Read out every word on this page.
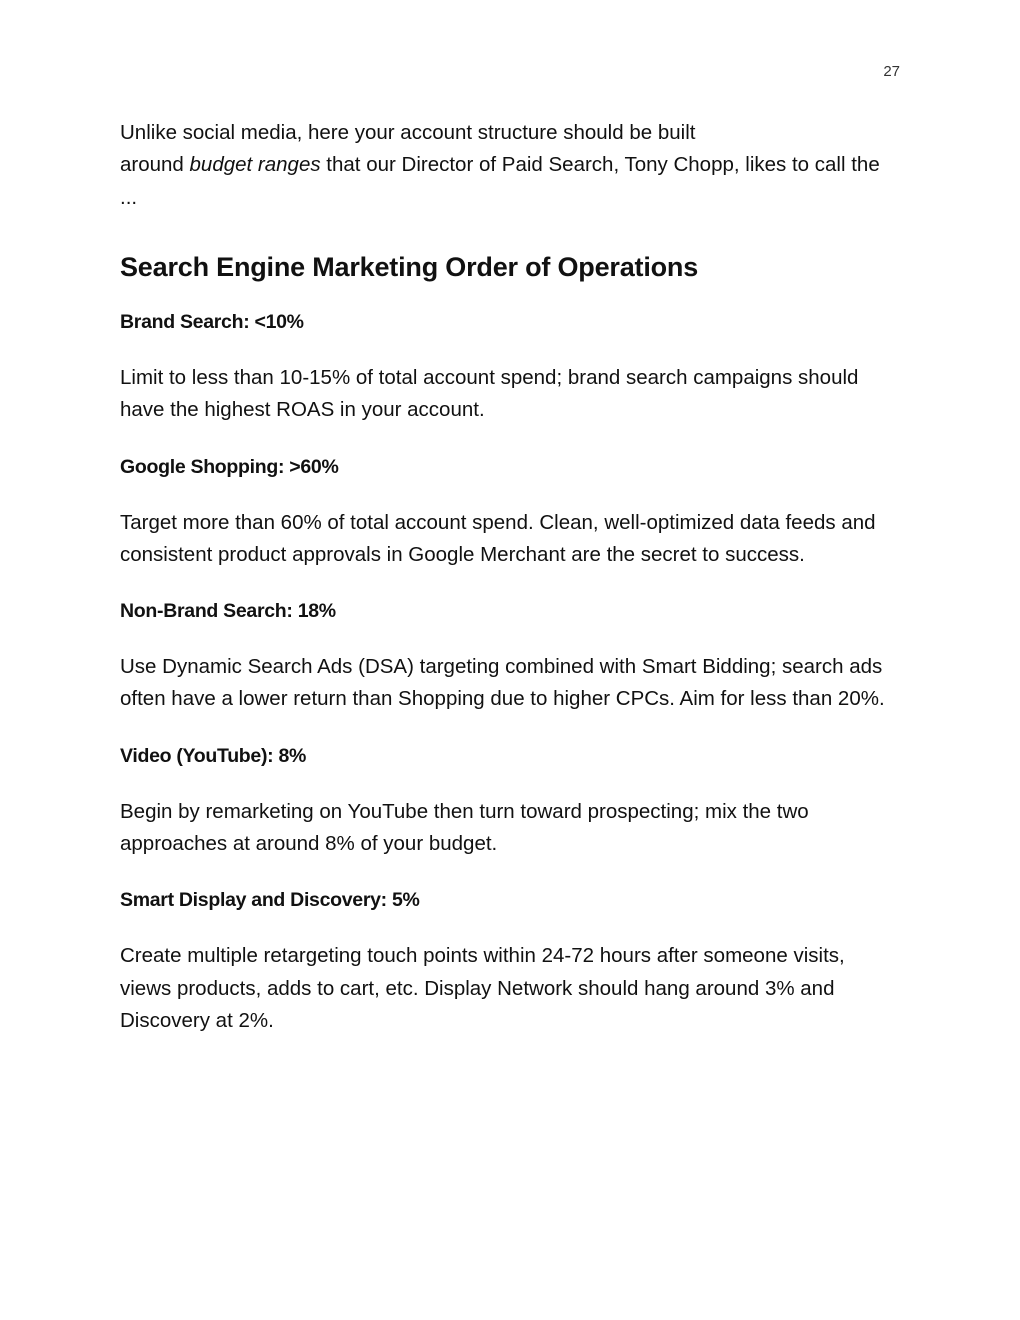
27

Unlike social media, here your account structure should be built
around budget ranges that our Director of Paid Search, Tony Chopp, likes to call the ...

Search Engine Marketing Order of Operations
Brand Search: <10%

Limit to less than 10-15% of total account spend; brand search campaigns should have the highest ROAS in your account.

Google Shopping: >60%

Target more than 60% of total account spend. Clean, well-optimized data feeds and consistent product approvals in Google Merchant are the secret to success.

Non-Brand Search: 18%

Use Dynamic Search Ads (DSA) targeting combined with Smart Bidding; search ads often have a lower return than Shopping due to higher CPCs. Aim for less than 20%.

Video (YouTube): 8%

Begin by remarketing on YouTube then turn toward prospecting; mix the two approaches at around 8% of your budget.

Smart Display and Discovery: 5%

Create multiple retargeting touch points within 24-72 hours after someone visits, views products, adds to cart, etc. Display Network should hang around 3% and Discovery at 2%.
